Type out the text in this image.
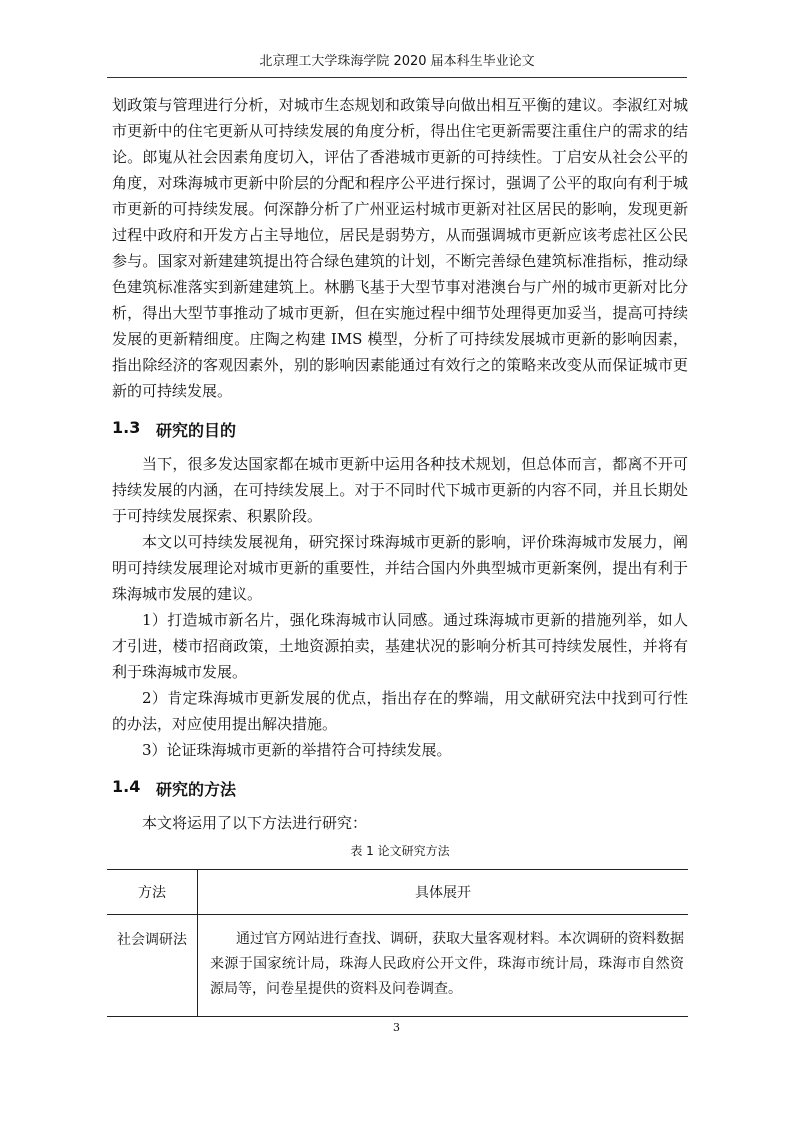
北京理工大学珠海学院 2020 届本科生毕业论文

划政策与管理进行分析，对城市生态规划和政策导向做出相互平衡的建议。李淑红对城市更新中的住宅更新从可持续发展的角度分析，得出住宅更新需要注重住户的需求的结论。郎嵬从社会因素角度切入，评估了香港城市更新的可持续性。丁启安从社会公平的角度，对珠海城市更新中阶层的分配和程序公平进行探讨，强调了公平的取向有利于城市更新的可持续发展。何深静分析了广州亚运村城市更新对社区居民的影响，发现更新过程中政府和开发方占主导地位，居民是弱势方，从而强调城市更新应该考虑社区公民参与。国家对新建建筑提出符合绿色建筑的计划，不断完善绿色建筑标准指标，推动绿色建筑标准落实到新建建筑上。林鹏飞基于大型节事对港澳台与广州的城市更新对比分析，得出大型节事推动了城市更新，但在实施过程中细节处理得更加妥当，提高可持续发展的更新精细度。庄陶之构建 IMS 模型，分析了可持续发展城市更新的影响因素，指出除经济的客观因素外，别的影响因素能通过有效行之的策略来改变从而保证城市更新的可持续发展。

1.3 研究的目的

当下，很多发达国家都在城市更新中运用各种技术规划，但总体而言，都离不开可持续发展的内涵，在可持续发展上。对于不同时代下城市更新的内容不同，并且长期处于可持续发展探索、积累阶段。

本文以可持续发展视角，研究探讨珠海城市更新的影响，评价珠海城市发展力，阐明可持续发展理论对城市更新的重要性，并结合国内外典型城市更新案例，提出有利于珠海城市发展的建议。

1）打造城市新名片，强化珠海城市认同感。通过珠海城市更新的措施列举，如人才引进，楼市招商政策，土地资源拍卖，基建状况的影响分析其可持续发展性，并将有利于珠海城市发展。

2）肯定珠海城市更新发展的优点，指出存在的弊端，用文献研究法中找到可行性的办法，对应使用提出解决措施。

3）论证珠海城市更新的举措符合可持续发展。

1.4 研究的方法

本文将运用了以下方法进行研究：

表 1 论文研究方法
方法	具体展开
社会调研法	通过官方网站进行查找、调研，获取大量客观材料。本次调研的资料数据来源于国家统计局，珠海人民政府公开文件，珠海市统计局，珠海市自然资源局等，问卷星提供的资料及问卷调查。
3
